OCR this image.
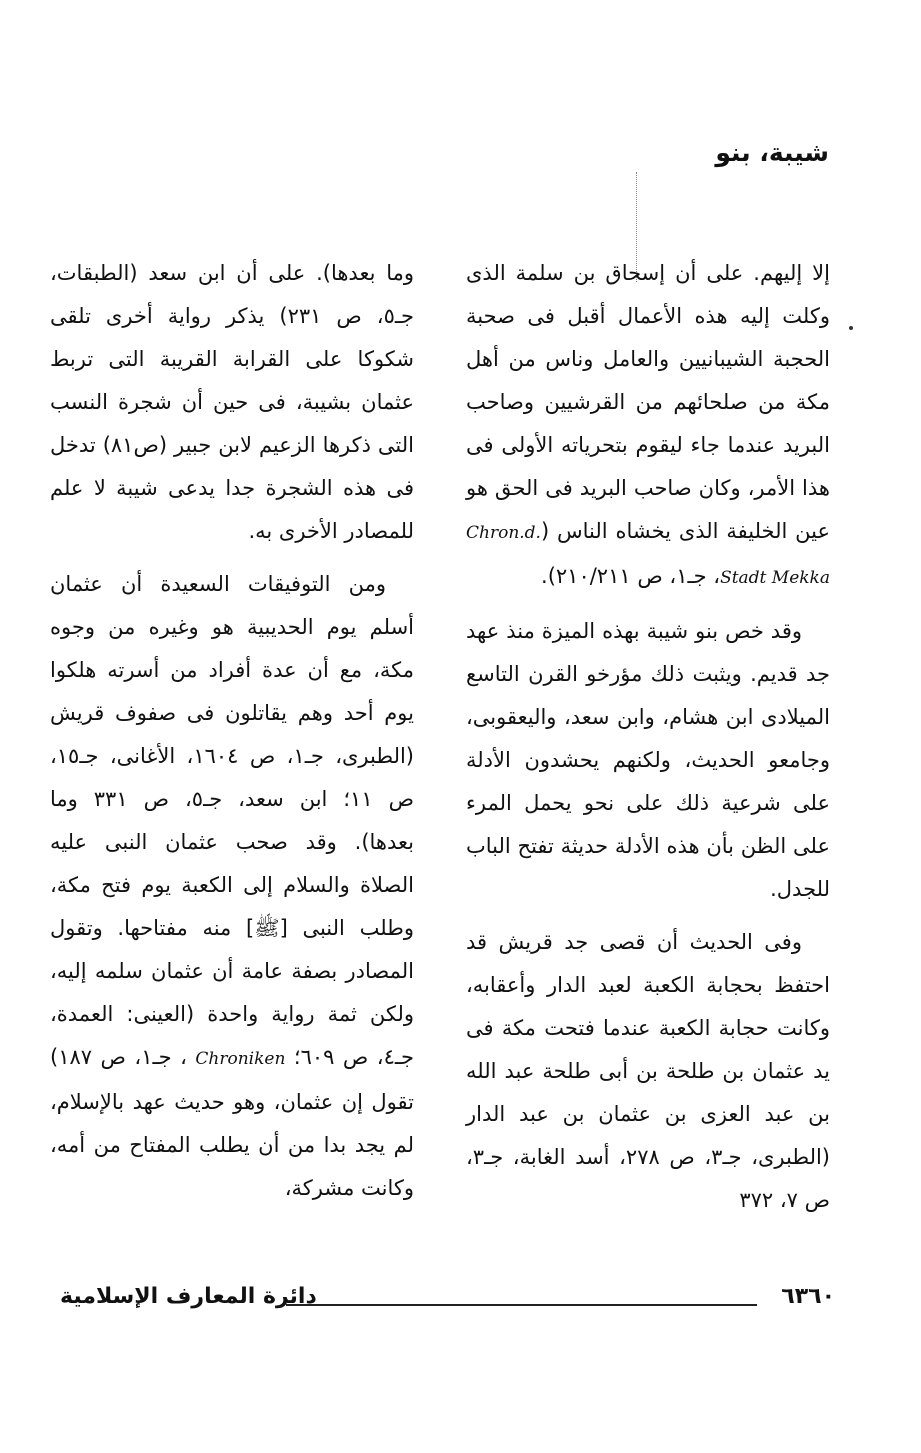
شيبة، بنو

إلا إليهم. على أن إسحاق بن سلمة الذى وكلت إليه هذه الأعمال أقبل فى صحبة الحجبة الشيبانيين والعامل وناس من أهل مكة من صلحائهم من القرشيين وصاحب البريد عندما جاء ليقوم بتحرياته الأولى فى هذا الأمر، وكان صاحب البريد فى الحق هو عين الخليفة الذى يخشاه الناس (Chron.d. Stadt Mekka، جـ١، ص ٢١٠/٢١١).

وقد خص بنو شيبة بهذه الميزة منذ عهد جد قديم. ويثبت ذلك مؤرخو القرن التاسع الميلادى ابن هشام، وابن سعد، واليعقوبى، وجامعو الحديث، ولكنهم يحشدون الأدلة على شرعية ذلك على نحو يحمل المرء على الظن بأن هذه الأدلة حديثة تفتح الباب للجدل.

وفى الحديث أن قصى جد قريش قد احتفظ بحجابة الكعبة لعبد الدار وأعقابه، وكانت حجابة الكعبة عندما فتحت مكة فى يد عثمان بن طلحة بن أبى طلحة عبد الله بن عبد العزى بن عثمان بن عبد الدار (الطبرى، جـ٣، ص ٢٧٨، أسد الغابة، جـ٣، ص ٧، ٣٧٢

وما بعدها). على أن ابن سعد (الطبقات، جـ٥، ص ٢٣١) يذكر رواية أخرى تلقى شكوكا على القرابة القريبة التى تربط عثمان بشيبة، فى حين أن شجرة النسب التى ذكرها الزعيم لابن جبير (ص٨١) تدخل فى هذه الشجرة جدا يدعى شيبة لا علم للمصادر الأخرى به.

ومن التوفيقات السعيدة أن عثمان أسلم يوم الحديبية هو وغيره من وجوه مكة، مع أن عدة أفراد من أسرته هلكوا يوم أحد وهم يقاتلون فى صفوف قريش (الطبرى، جـ١، ص ١٦٠٤، الأغانى، جـ١٥، ص ١١؛ ابن سعد، جـ٥، ص ٣٣١ وما بعدها). وقد صحب عثمان النبى عليه الصلاة والسلام إلى الكعبة يوم فتح مكة، وطلب النبى [ﷺ] منه مفتاحها. وتقول المصادر بصفة عامة أن عثمان سلمه إليه، ولكن ثمة رواية واحدة (العينى: العمدة، جـ٤، ص ٦٠٩؛ Chroniken ، جـ١، ص ١٨٧) تقول إن عثمان، وهو حديث عهد بالإسلام، لم يجد بدا من أن يطلب المفتاح من أمه، وكانت مشركة،

٦٣٦٠
دائرة المعارف الإسلامية
